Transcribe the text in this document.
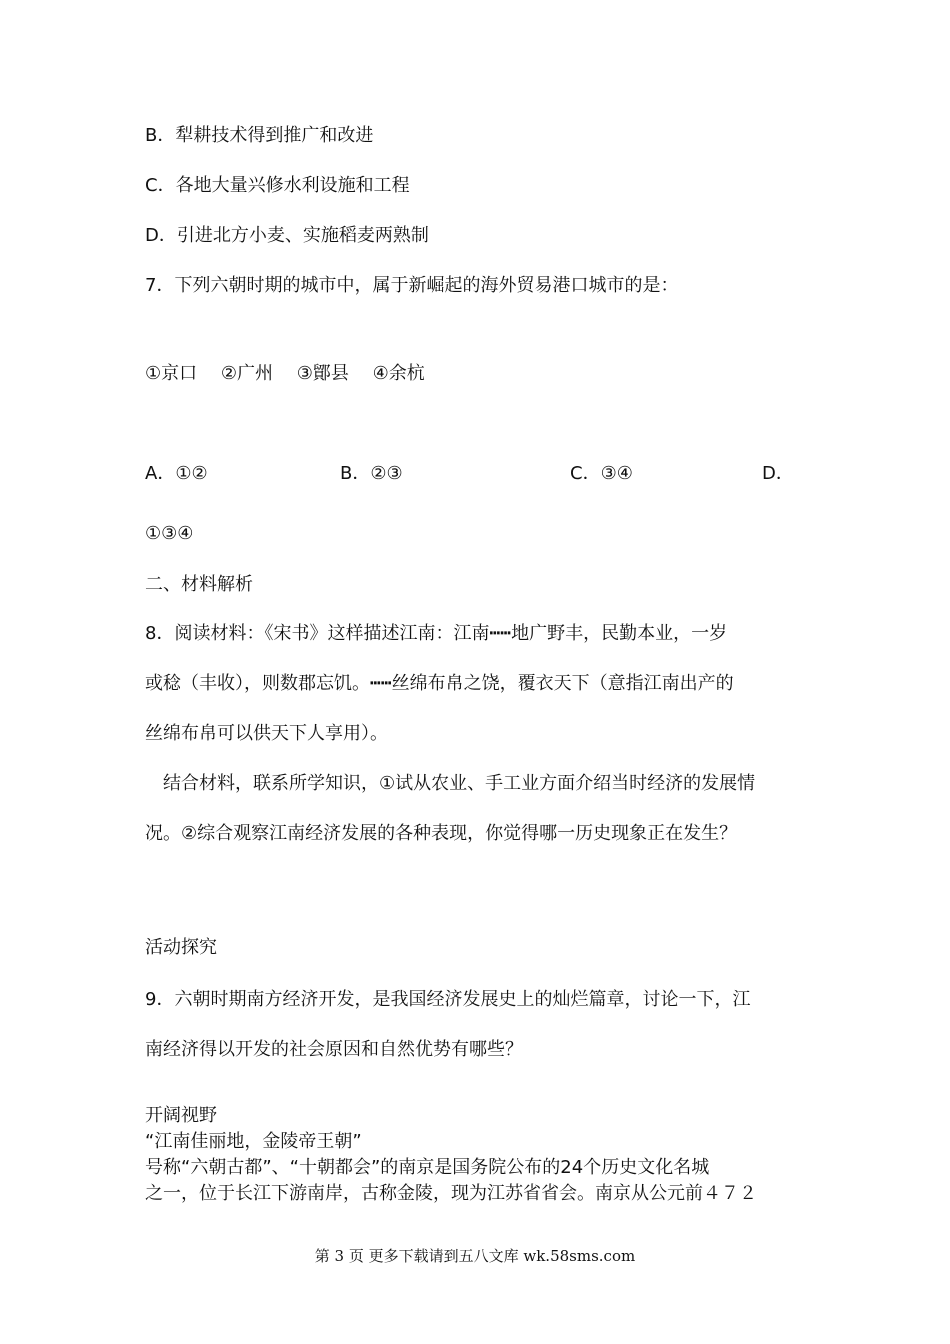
B．犁耕技术得到推广和改进
C．各地大量兴修水利设施和工程
D．引进北方小麦、实施稻麦两熟制
7．下列六朝时期的城市中，属于新崛起的海外贸易港口城市的是：
①京口　 ②广州　 ③鄮县　 ④余杭
A．①②	B．②③	C．③④	D．
①③④
二、材料解析
8．阅读材料：《宋书》这样描述江南：江南┅┅地广野丰，民勤本业，一岁
或稔（丰收），则数郡忘饥。┅┅丝绵布帛之饶，覆衣天下（意指江南出产的
丝绵布帛可以供天下人享用）。
　结合材料，联系所学知识，①试从农业、手工业方面介绍当时经济的发展情
况。②综合观察江南经济发展的各种表现，你觉得哪一历史现象正在发生？
活动探究
9．六朝时期南方经济开发，是我国经济发展史上的灿烂篇章，讨论一下，江
南经济得以开发的社会原因和自然优势有哪些？
开阔视野
“江南佳丽地，金陵帝王朝”
号称“六朝古都”、“十朝都会”的南京是国务院公布的24个历史文化名城
之一，位于长江下游南岸，古称金陵，现为江苏省省会。南京从公元前４７２
第 3 页 更多下载请到五八文库 wk.58sms.com
